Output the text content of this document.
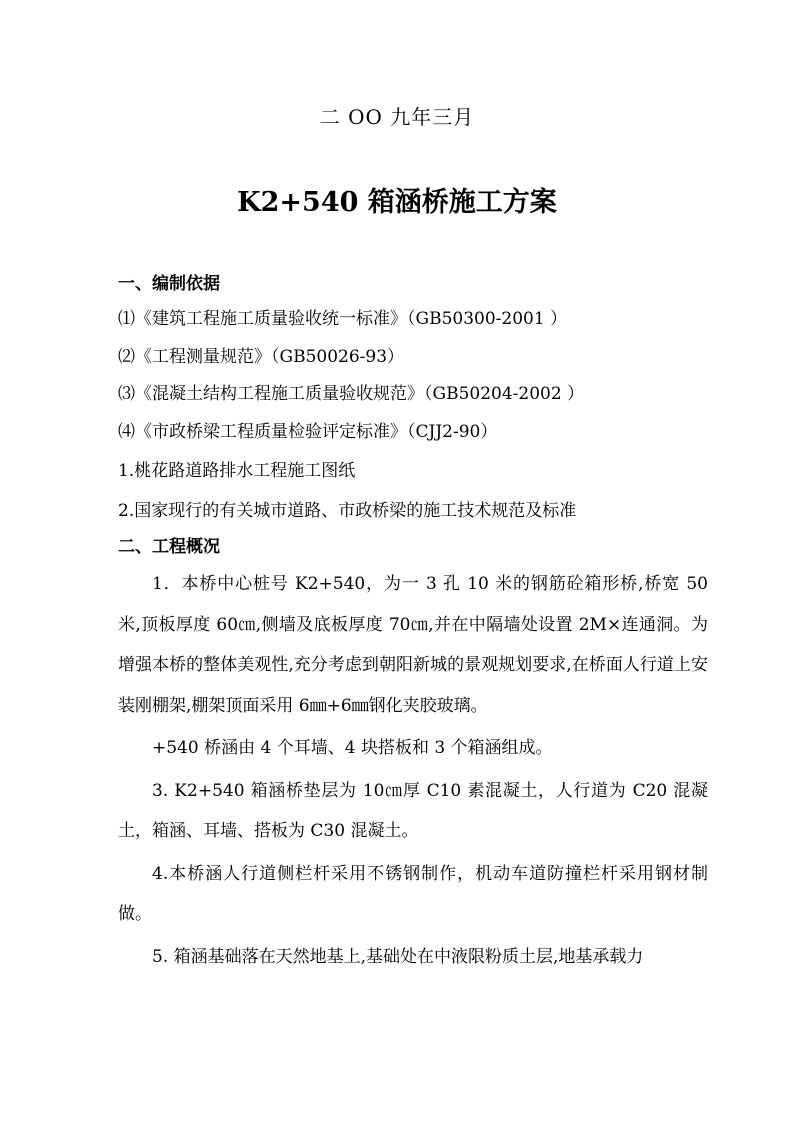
二 OO 九年三月
K2+540 箱涵桥施工方案
一、编制依据
⑴《建筑工程施工质量验收统一标准》（GB50300-2001 ）
⑵《工程测量规范》（GB50026-93）
⑶《混凝土结构工程施工质量验收规范》（GB50204-2002 ）
⑷《市政桥梁工程质量检验评定标准》（CJJ2-90）
1.桃花路道路排水工程施工图纸
2.国家现行的有关城市道路、市政桥梁的施工技术规范及标准
二、工程概况

1．本桥中心桩号 K2+540，为一 3 孔 10 米的钢筋砼箱形桥,桥宽 50 米,顶板厚度 60㎝,侧墙及底板厚度 70㎝,并在中隔墙处设置 2M×连通洞。为增强本桥的整体美观性,充分考虑到朝阳新城的景观规划要求,在桥面人行道上安装刚棚架,棚架顶面采用 6㎜+6㎜钢化夹胶玻璃。

+540 桥涵由 4 个耳墙、4 块搭板和 3 个箱涵组成。

3. K2+540 箱涵桥垫层为 10㎝厚 C10 素混凝土，人行道为 C20 混凝土，箱涵、耳墙、搭板为 C30 混凝土。

4.本桥涵人行道侧栏杆采用不锈钢制作，机动车道防撞栏杆采用钢材制做。

5. 箱涵基础落在天然地基上,基础处在中液限粉质土层,地基承载力
